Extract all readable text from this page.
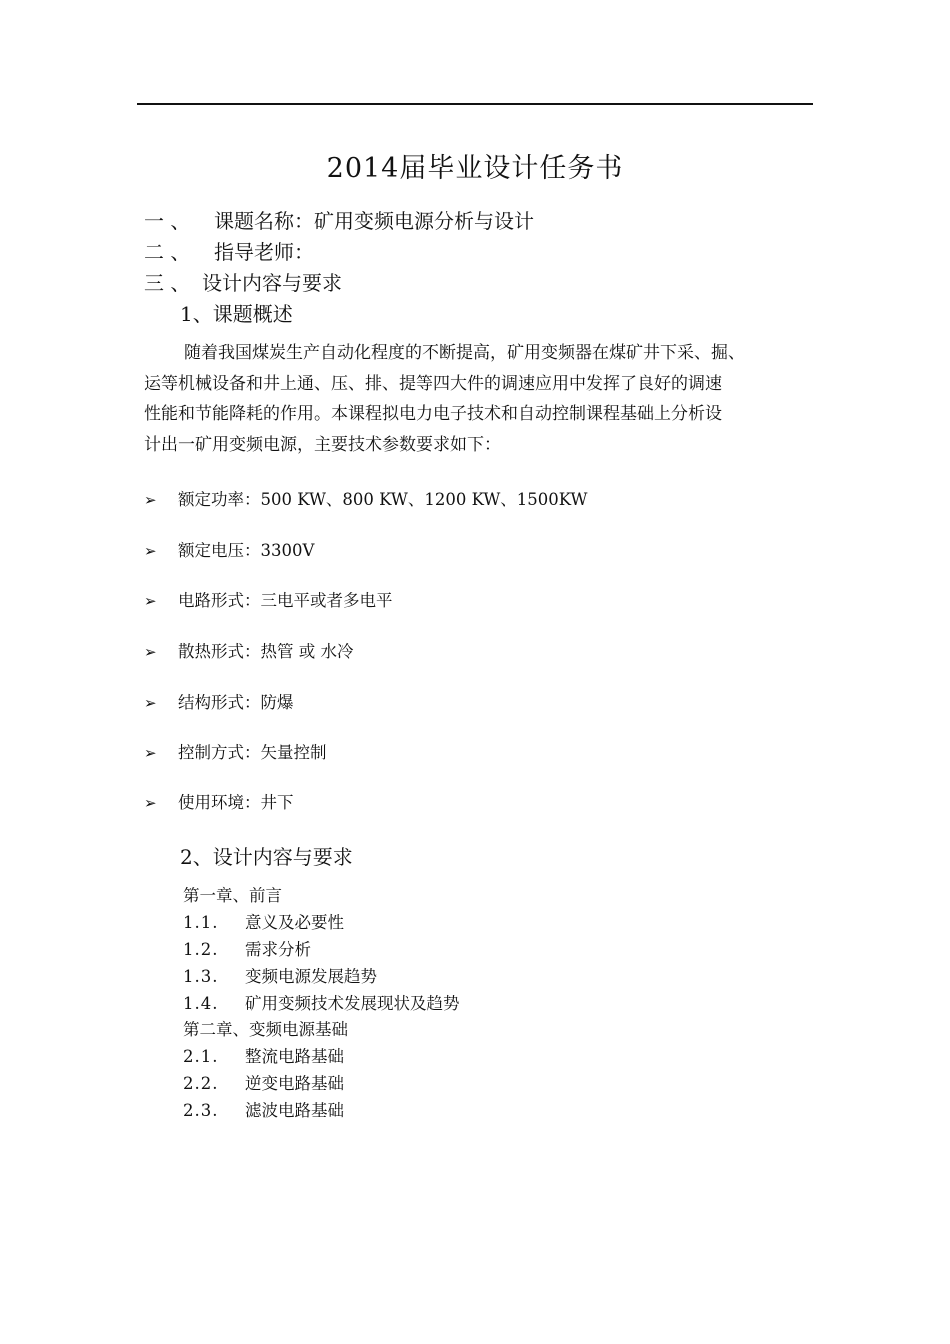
2014届毕业设计任务书
一 、 课题名称：矿用变频电源分析与设计
二 、 指导老师：
三 、 设计内容与要求
1、课题概述
随着我国煤炭生产自动化程度的不断提高，矿用变频器在煤矿井下采、掘、
运等机械设备和井上通、压、排、提等四大件的调速应用中发挥了良好的调速
性能和节能降耗的作用。本课程拟电力电子技术和自动控制课程基础上分析设
计出一矿用变频电源，主要技术参数要求如下：
➢ 额定功率：500 KW、800 KW、1200 KW、1500KW
➢ 额定电压：3300V
➢ 电路形式：三电平或者多电平
➢ 散热形式：热管 或 水冷
➢ 结构形式：防爆
➢ 控制方式：矢量控制
➢ 使用环境：井下
2、设计内容与要求
第一章、前言
1.1. 意义及必要性
1.2. 需求分析
1.3. 变频电源发展趋势
1.4. 矿用变频技术发展现状及趋势
第二章、变频电源基础
2.1. 整流电路基础
2.2. 逆变电路基础
2.3. 滤波电路基础
